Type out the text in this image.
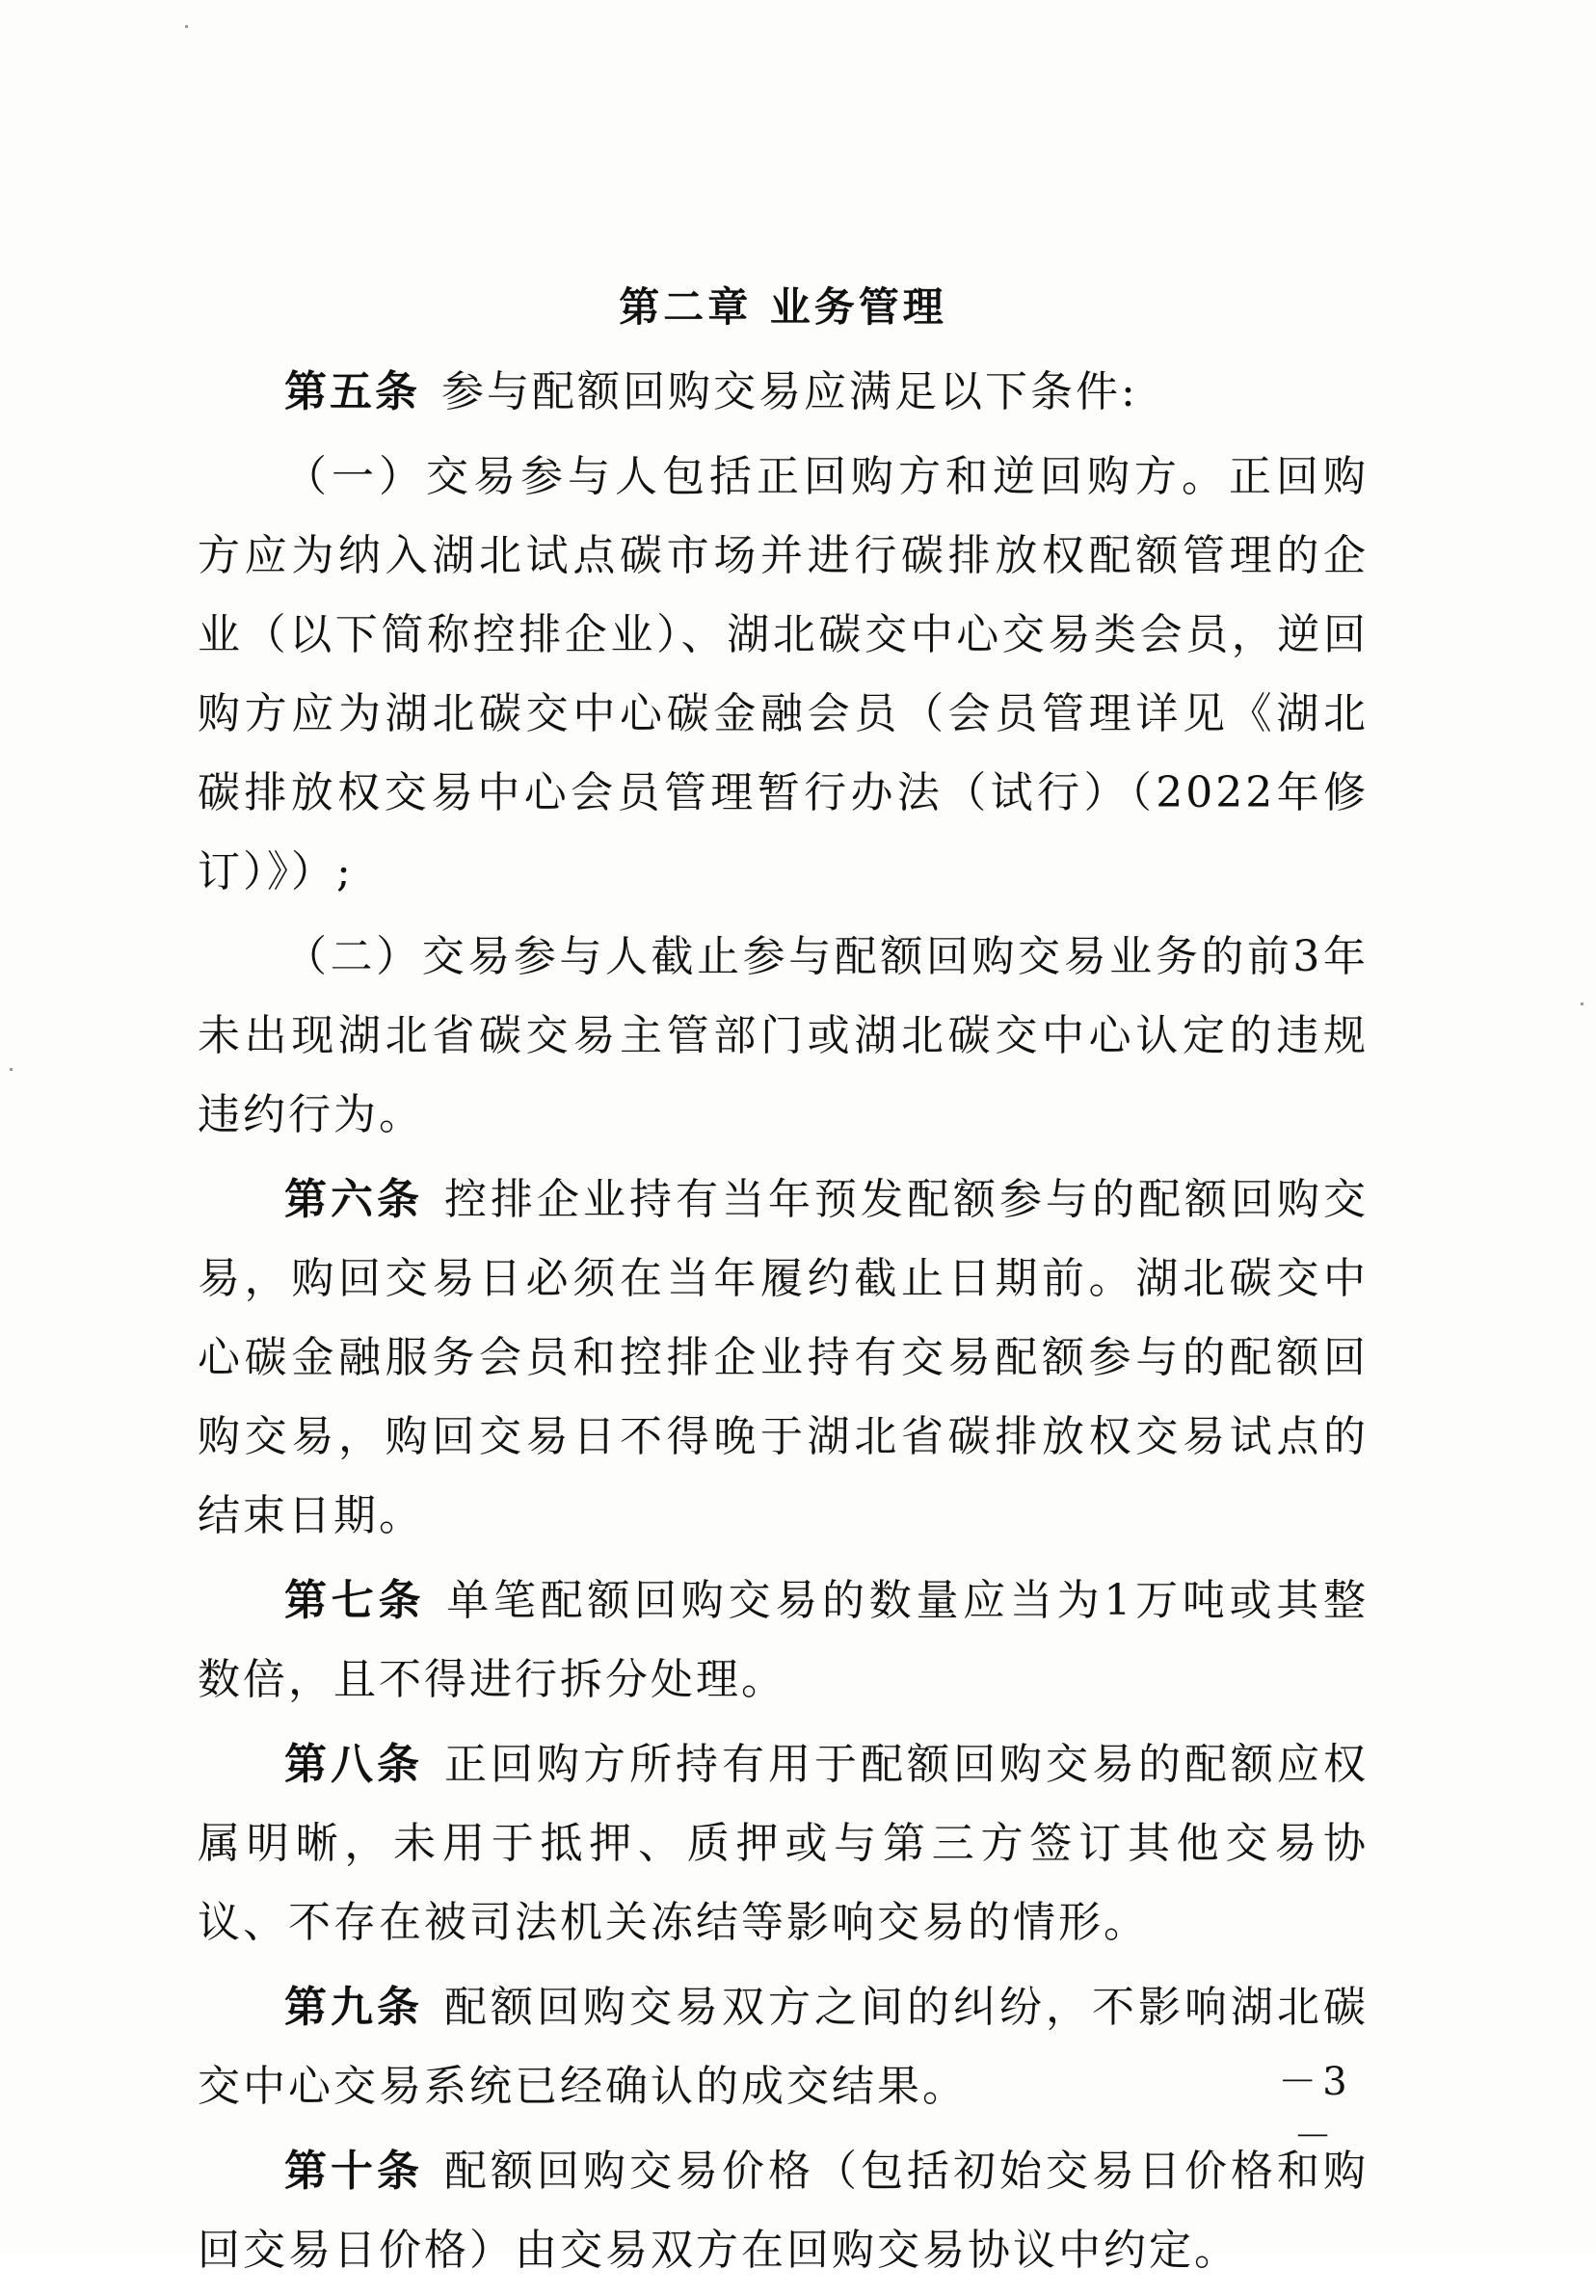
第二章 业务管理

第五条 参与配额回购交易应满足以下条件:

（一）交易参与人包括正回购方和逆回购方。正回购方应为纳入湖北试点碳市场并进行碳排放权配额管理的企业（以下简称控排企业）、湖北碳交中心交易类会员，逆回购方应为湖北碳交中心碳金融会员（会员管理详见《湖北碳排放权交易中心会员管理暂行办法（试行）（2022年修订）》）;

（二）交易参与人截止参与配额回购交易业务的前3年未出现湖北省碳交易主管部门或湖北碳交中心认定的违规违约行为。

第六条 控排企业持有当年预发配额参与的配额回购交易，购回交易日必须在当年履约截止日期前。湖北碳交中心碳金融服务会员和控排企业持有交易配额参与的配额回购交易，购回交易日不得晚于湖北省碳排放权交易试点的结束日期。

第七条 单笔配额回购交易的数量应当为1万吨或其整数倍，且不得进行拆分处理。

第八条 正回购方所持有用于配额回购交易的配额应权属明晰，未用于抵押、质押或与第三方签订其他交易协议、不存在被司法机关冻结等影响交易的情形。

第九条 配额回购交易双方之间的纠纷，不影响湖北碳交中心交易系统已经确认的成交结果。

第十条 配额回购交易价格（包括初始交易日价格和购回交易日价格）由交易双方在回购交易协议中约定。

－3－
